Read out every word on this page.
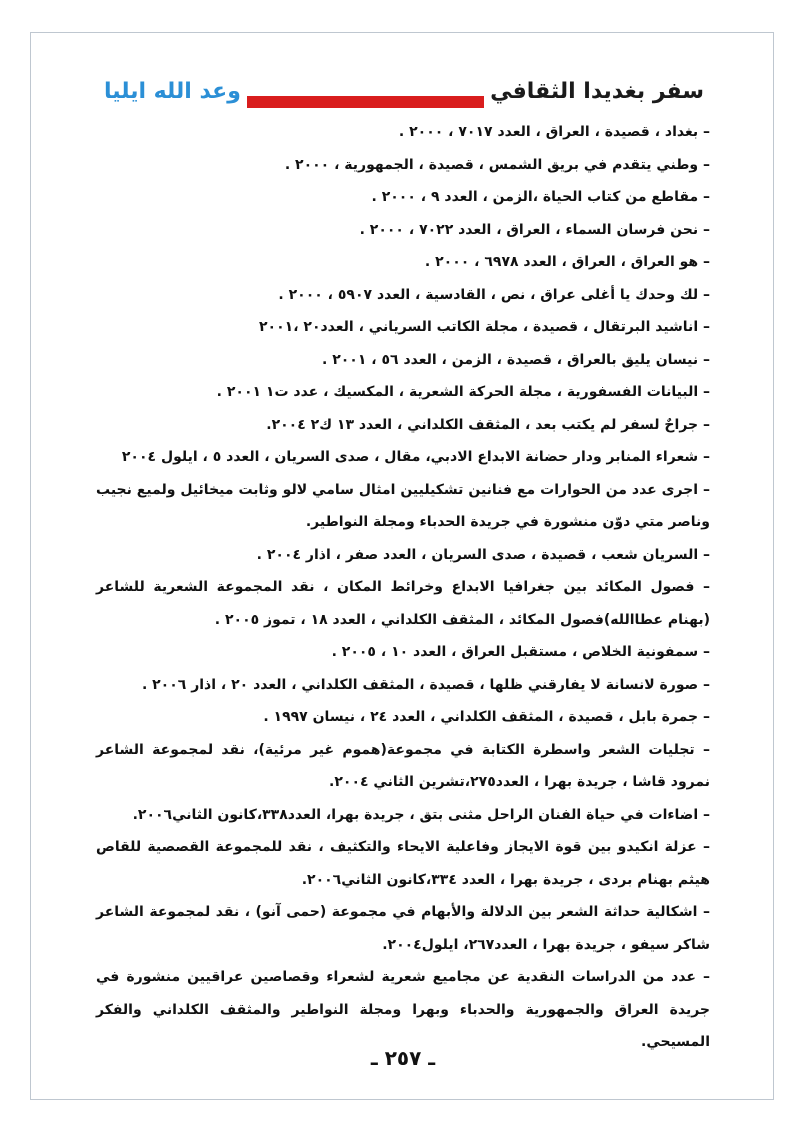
وعد الله ايليا	سفر بغديدا الثقافي

– بغداد ، قصيدة ، العراق ، العدد ٧٠١٧ ، ٢٠٠٠ .

– وطني يتقدم في بريق الشمس ، قصيدة ، الجمهورية ، ٢٠٠٠ .

– مقاطع من كتاب الحياة ،الزمن ، العدد ٩ ، ٢٠٠٠ .

– نحن فرسان السماء ، العراق ، العدد ٧٠٢٢ ، ٢٠٠٠ .

– هو العراق ، العراق ، العدد ٦٩٧٨ ، ٢٠٠٠ .

– لك وحدك يا أغلى عراق ، نص ، القادسية ، العدد ٥٩٠٧ ، ٢٠٠٠ .

– اناشيد البرتقال ، قصيدة ، مجلة الكاتب السرياني ، العدد٢٠ ،٢٠٠١

– نيسان يليق بالعراق ، قصيدة ، الزمن ، العدد ٥٦ ، ٢٠٠١ .

– البيانات الفسفورية ، مجلة الحركة الشعرية ، المكسيك ، عدد ت١ ٢٠٠١ .

– جراحٌ لسفر لم يكتب بعد ، المثقف الكلداني ، العدد ١٣ ك٢ ٢٠٠٤.

– شعراء المنابر ودار حضانة الابداع الادبي، مقال ، صدى السريان ، العدد ٥ ، ايلول ٢٠٠٤

– اجرى عدد من الحوارات مع فنانين تشكيليين امثال سامي لالو وثابت ميخائيل ولميع نجيب وناصر متي دوّن منشورة في جريدة الحدباء ومجلة النواطير.

– السريان شعب ، قصيدة ، صدى السريان ، العدد صفر ، اذار ٢٠٠٤ .

– فصول المكائد بين جغرافيا الابداع وخرائط المكان ، نقد المجموعة الشعرية للشاعر (بهنام عطاالله)فصول المكائد ، المثقف الكلداني ، العدد ١٨ ، تموز ٢٠٠٥ .

– سمفونية الخلاص ، مستقبل العراق ، العدد ١٠ ، ٢٠٠٥ .

– صورة لانسانة لا يفارقني ظلها ، قصيدة ، المثقف الكلداني ، العدد ٢٠ ، اذار ٢٠٠٦ .

– جمرة بابل ، قصيدة ، المثقف الكلداني ، العدد ٢٤ ، نيسان ١٩٩٧ .

– تجليات الشعر واسطرة الكتابة في مجموعة(هموم غير مرئية)، نقد لمجموعة الشاعر نمرود قاشا ، جريدة بهرا ، العدد٢٧٥،تشرين الثاني ٢٠٠٤.

– اضاءات في حياة الفنان الراحل مثنى بتق ، جريدة بهرا، العدد٣٣٨،كانون الثاني٢٠٠٦.

– عزلة انكيدو بين قوة الايجاز وفاعلية الايحاء والتكثيف ، نقد للمجموعة القصصية للقاص هيثم بهنام بردى ، جريدة بهرا ، العدد ٣٣٤،كانون الثاني٢٠٠٦.

– اشكالية حداثة الشعر بين الدلالة والأبهام في مجموعة (حمى آنو) ، نقد لمجموعة الشاعر شاكر سيفو ، جريدة بهرا ، العدد٢٦٧، ايلول٢٠٠٤.

– عدد من الدراسات النقدية عن مجاميع شعرية لشعراء وقصاصين عراقيين منشورة في جريدة العراق والجمهورية والحدباء وبهرا ومجلة النواطير والمثقف الكلداني والفكر المسيحي.

ـ ٢٥٧ ـ
